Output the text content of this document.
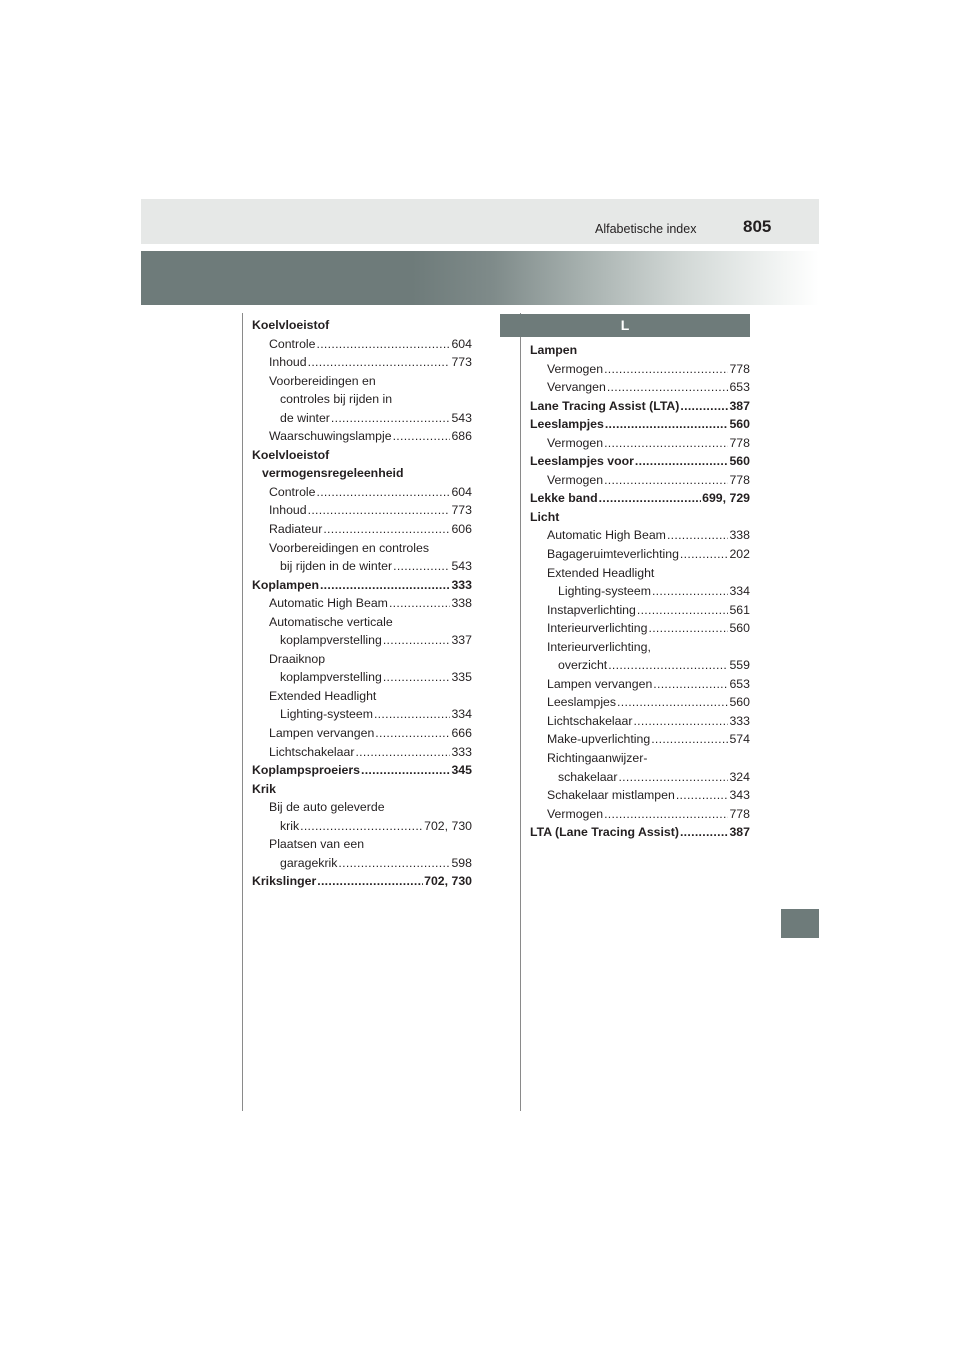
Alfabetische index	805
Koelvloeistof
Controle .....	604
Inhoud .....	773
Voorbereidingen en
controles bij rijden in
de winter .....	543
Waarschuwingslampje .....	686
Koelvloeistof
vermogensregeleenheid
Controle .....	604
Inhoud .....	773
Radiateur .....	606
Voorbereidingen en controles
bij rijden in de winter .....	543
Koplampen .....	333
Automatic High Beam .....	338
Automatische verticale
koplampverstelling .....	337
Draaiknop
koplampverstelling .....	335
Extended Headlight
Lighting-systeem .....	334
Lampen vervangen .....	666
Lichtschakelaar .....	333
Koplampsproeiers .....	345
Krik
Bij de auto geleverde
krik .....	702, 730
Plaatsen van een
garagekrik .....	598
Krikslinger .....	702, 730
L
Lampen
Vermogen .....	778
Vervangen .....	653
Lane Tracing Assist (LTA) .....	387
Leeslampjes .....	560
Vermogen .....	778
Leeslampjes voor .....	560
Vermogen .....	778
Lekke band .....	699, 729
Licht
Automatic High Beam .....	338
Bagageruimteverlichting .....	202
Extended Headlight
Lighting-systeem .....	334
Instapverlichting .....	561
Interieurverlichting .....	560
Interieurverlichting,
overzicht .....	559
Lampen vervangen .....	653
Leeslampjes .....	560
Lichtschakelaar .....	333
Make-upverlichting .....	574
Richtingaanwijzer-
schakelaar .....	324
Schakelaar mistlampen .....	343
Vermogen .....	778
LTA (Lane Tracing Assist) .....	387
